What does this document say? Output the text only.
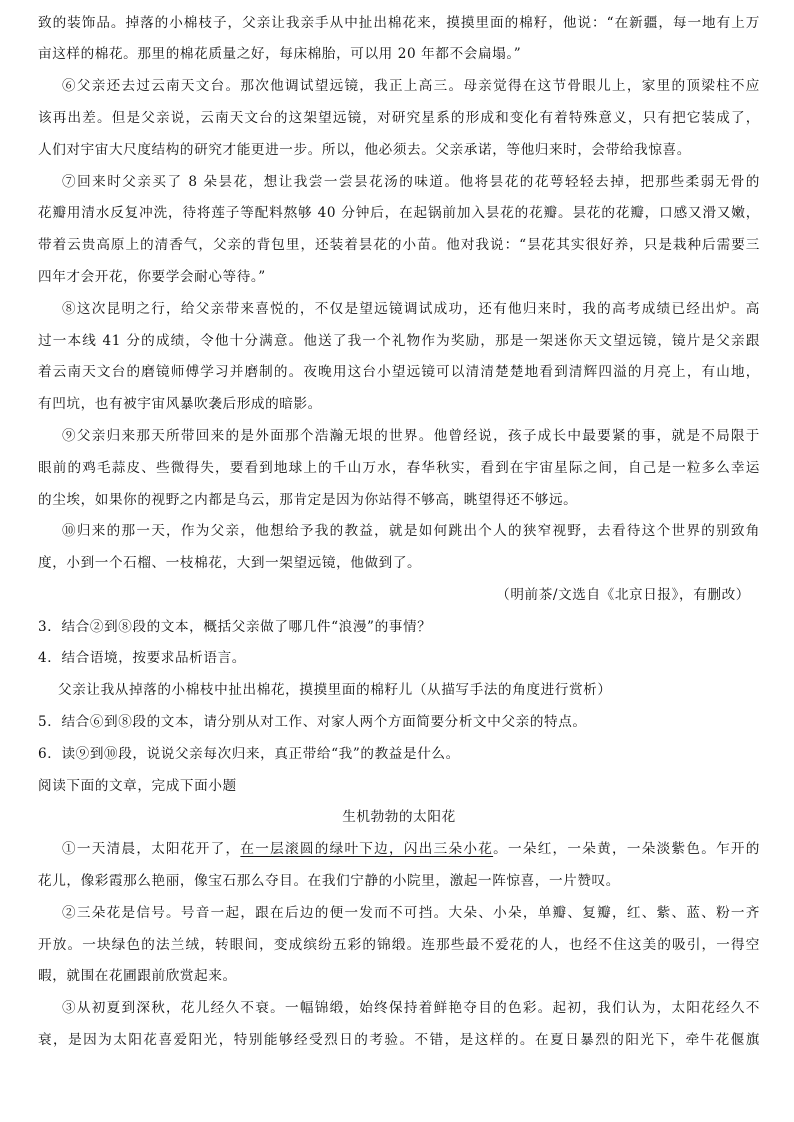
致的装饰品。掉落的小棉枝子，父亲让我亲手从中扯出棉花来，摸摸里面的棉籽，他说：“在新疆，每一地有上万
亩这样的棉花。那里的棉花质量之好，每床棉胎，可以用 20 年都不会扁塌。”
⑥父亲还去过云南天文台。那次他调试望远镜，我正上高三。母亲觉得在这节骨眼儿上，家里的顶梁柱不应
该再出差。但是父亲说，云南天文台的这架望远镜，对研究星系的形成和变化有着特殊意义，只有把它装成了，
人们对宇宙大尺度结构的研究才能更进一步。所以，他必须去。父亲承诺，等他归来时，会带给我惊喜。
⑦回来时父亲买了 8 朵昙花，想让我尝一尝昙花汤的味道。他将昙花的花萼轻轻去掉，把那些柔弱无骨的
花瓣用清水反复冲洗，待将莲子等配料熬够 40 分钟后，在起锅前加入昙花的花瓣。昙花的花瓣，口感又滑又嫩，
带着云贵高原上的清香气，父亲的背包里，还装着昙花的小苗。他对我说：“昙花其实很好养，只是栽种后需要三
四年才会开花，你要学会耐心等待。”
⑧这次昆明之行，给父亲带来喜悦的，不仅是望远镜调试成功，还有他归来时，我的高考成绩已经出炉。高
过一本线 41 分的成绩，令他十分满意。他送了我一个礼物作为奖励，那是一架迷你天文望远镜，镜片是父亲跟
着云南天文台的磨镜师傅学习并磨制的。夜晚用这台小望远镜可以清清楚楚地看到清辉四溢的月亮上，有山地，
有凹坑，也有被宇宙风暴吹袭后形成的暗影。
⑨父亲归来那天所带回来的是外面那个浩瀚无垠的世界。他曾经说，孩子成长中最要紧的事，就是不局限于
眼前的鸡毛蒜皮、些微得失，要看到地球上的千山万水，春华秋实，看到在宇宙星际之间，自己是一粒多么幸运
的尘埃，如果你的视野之内都是乌云，那肯定是因为你站得不够高，眺望得还不够远。
⑩归来的那一天，作为父亲，他想给予我的教益，就是如何跳出个人的狭窄视野，去看待这个世界的别致角
度，小到一个石榴、一枝棉花，大到一架望远镜，他做到了。
（明前茶/文选自《北京日报》，有删改）
3．结合②到⑧段的文本，概括父亲做了哪几件“浪漫”的事情？
4．结合语境，按要求品析语言。
父亲让我从掉落的小棉枝中扯出棉花，摸摸里面的棉籽儿（从描写手法的角度进行赏析）
5．结合⑥到⑧段的文本，请分别从对工作、对家人两个方面简要分析文中父亲的特点。
6．读⑨到⑩段，说说父亲每次归来，真正带给“我”的教益是什么。
阅读下面的文章，完成下面小题
生机勃勃的太阳花
①一天清晨，太阳花开了，在一层滚圆的绿叶下边，闪出三朵小花。一朵红，一朵黄，一朵淡紫色。乍开的
花儿，像彩霞那么艳丽，像宝石那么夺目。在我们宁静的小院里，激起一阵惊喜，一片赞叹。
②三朵花是信号。号音一起，跟在后边的便一发而不可挡。大朵、小朵，单瓣、复瓣，红、紫、蓝、粉一齐
开放。一块绿色的法兰绒，转眼间，变成缤纷五彩的锦缎。连那些最不爱花的人，也经不住这美的吸引，一得空
暇，就围在花圃跟前欣赏起来。
③从初夏到深秋，花儿经久不衰。一幅锦缎，始终保持着鲜艳夺目的色彩。起初，我们认为，太阳花经久不
衰，是因为太阳花喜爱阳光，特别能够经受烈日的考验。不错，是这样的。在夏日暴烈的阳光下，牵牛花偃旗
